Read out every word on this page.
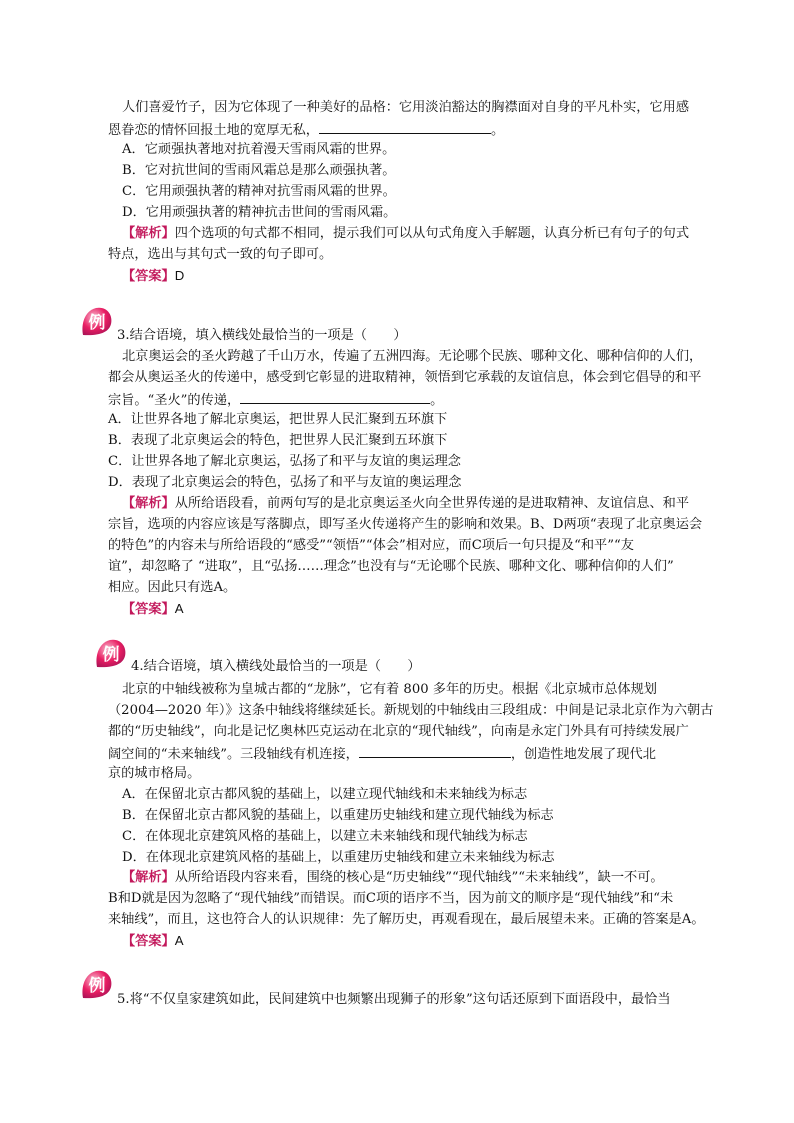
人们喜爱竹子，因为它体现了一种美好的品格：它用淡泊豁达的胸襟面对自身的平凡朴实，它用感
恩眷恋的情怀回报土地的宽厚无私，	。
A．它顽强执著地对抗着漫天雪雨风霜的世界。
B．它对抗世间的雪雨风霜总是那么顽强执著。
C．它用顽强执著的精神对抗雪雨风霜的世界。
D．它用顽强执著的精神抗击世间的雪雨风霜。
【解析】四个选项的句式都不相同，提示我们可以从句式角度入手解题，认真分析已有句子的句式
特点，选出与其句式一致的句子即可。
【答案】D
例
3.结合语境，填入横线处最恰当的一项是（　　）
北京奥运会的圣火跨越了千山万水，传遍了五洲四海。无论哪个民族、哪种文化、哪种信仰的人们，
都会从奥运圣火的传递中，感受到它彰显的进取精神，领悟到它承载的友谊信息，体会到它倡导的和平
宗旨。“圣火”的传递，	。
A．让世界各地了解北京奥运，把世界人民汇聚到五环旗下
B．表现了北京奥运会的特色，把世界人民汇聚到五环旗下
C．让世界各地了解北京奥运，弘扬了和平与友谊的奥运理念
D．表现了北京奥运会的特色，弘扬了和平与友谊的奥运理念
【解析】从所给语段看，前两句写的是北京奥运圣火向全世界传递的是进取精神、友谊信息、和平
宗旨，选项的内容应该是写落脚点，即写圣火传递将产生的影响和效果。B、D两项“表现了北京奥运会
的特色”的内容未与所给语段的“感受”“领悟”“体会”相对应，而C项后一句只提及“和平”“友
谊”，却忽略了 “进取”，且“弘扬……理念”也没有与“无论哪个民族、哪种文化、哪种信仰的人们”
相应。因此只有选A。
【答案】A
例
4.结合语境，填入横线处最恰当的一项是（　　）
北京的中轴线被称为皇城古都的“龙脉”，它有着 800 多年的历史。根据《北京城市总体规划
（2004—2020 年）》这条中轴线将继续延长。新规划的中轴线由三段组成：中间是记录北京作为六朝古
都的“历史轴线”，向北是记忆奥林匹克运动在北京的“现代轴线”，向南是永定门外具有可持续发展广
阔空间的“未来轴线”。三段轴线有机连接，	，创造性地发展了现代北
京的城市格局。
A．在保留北京古都风貌的基础上，以建立现代轴线和未来轴线为标志
B．在保留北京古都风貌的基础上，以重建历史轴线和建立现代轴线为标志
C．在体现北京建筑风格的基础上，以建立未来轴线和现代轴线为标志
D．在体现北京建筑风格的基础上，以重建历史轴线和建立未来轴线为标志
【解析】从所给语段内容来看，围绕的核心是“历史轴线”“现代轴线”“未来轴线”，缺一不可。
B和D就是因为忽略了“现代轴线”而错误。而C项的语序不当，因为前文的顺序是“现代轴线”和“未
来轴线”，而且，这也符合人的认识规律：先了解历史，再观看现在，最后展望未来。正确的答案是A。
【答案】A
例
5.将“不仅皇家建筑如此，民间建筑中也频繁出现狮子的形象”这句话还原到下面语段中，最恰当
